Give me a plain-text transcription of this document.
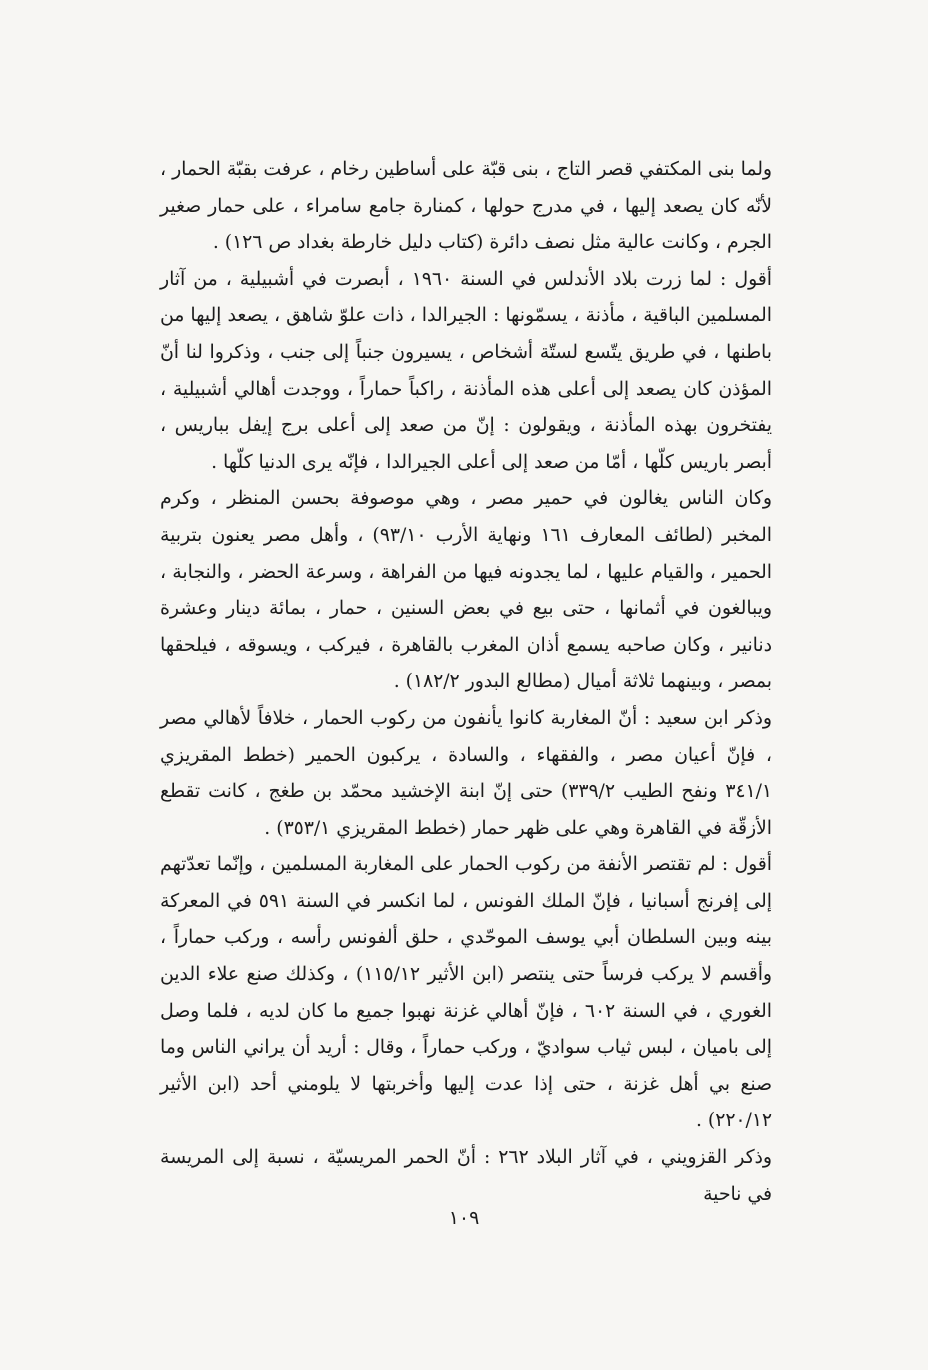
ولما بنى المكتفي قصر التاج ، بنى قبّة على أساطين رخام ، عرفت بقبّة الحمار ، لأنّه كان يصعد إليها ، في مدرج حولها ، كمنارة جامع سامراء ، على حمار صغير الجرم ، وكانت عالية مثل نصف دائرة (كتاب دليل خارطة بغداد ص ١٢٦) .

أقول : لما زرت بلاد الأندلس في السنة ١٩٦٠ ، أبصرت في أشبيلية ، من آثار المسلمين الباقية ، مأذنة ، يسمّونها : الجيرالدا ، ذات علوّ شاهق ، يصعد إليها من باطنها ، في طريق يتّسع لستّة أشخاص ، يسيرون جنباً إلى جنب ، وذكروا لنا أنّ المؤذن كان يصعد إلى أعلى هذه المأذنة ، راكباً حماراً ، ووجدت أهالي أشبيلية ، يفتخرون بهذه المأذنة ، ويقولون : إنّ من صعد إلى أعلى برج إيفل بباريس ، أبصر باريس كلّها ، أمّا من صعد إلى أعلى الجيرالدا ، فإنّه يرى الدنيا كلّها .

وكان الناس يغالون في حمير مصر ، وهي موصوفة بحسن المنظر ، وكرم المخبر (لطائف المعارف ١٦١ ونهاية الأرب ٩٣/١٠) ، وأهل مصر يعنون بتربية الحمير ، والقيام عليها ، لما يجدونه فيها من الفراهة ، وسرعة الحضر ، والنجابة ، ويبالغون في أثمانها ، حتى بيع في بعض السنين ، حمار ، بمائة دينار وعشرة دنانير ، وكان صاحبه يسمع أذان المغرب بالقاهرة ، فيركب ، ويسوقه ، فيلحقها بمصر ، وبينهما ثلاثة أميال (مطالع البدور ١٨٢/٢) .

وذكر ابن سعيد : أنّ المغاربة كانوا يأنفون من ركوب الحمار ، خلافاً لأهالي مصر ، فإنّ أعيان مصر ، والفقهاء ، والسادة ، يركبون الحمير (خطط المقريزي ٣٤١/١ ونفح الطيب ٣٣٩/٢) حتى إنّ ابنة الإخشيد محمّد بن طغج ، كانت تقطع الأزقّة في القاهرة وهي على ظهر حمار (خطط المقريزي ٣٥٣/١) .

أقول : لم تقتصر الأنفة من ركوب الحمار على المغاربة المسلمين ، وإنّما تعدّتهم إلى إفرنج أسبانيا ، فإنّ الملك الفونس ، لما انكسر في السنة ٥٩١ في المعركة بينه وبين السلطان أبي يوسف الموحّدي ، حلق ألفونس رأسه ، وركب حماراً ، وأقسم لا يركب فرساً حتى ينتصر (ابن الأثير ١١٥/١٢) ، وكذلك صنع علاء الدين الغوري ، في السنة ٦٠٢ ، فإنّ أهالي غزنة نهبوا جميع ما كان لديه ، فلما وصل إلى باميان ، لبس ثياب سواديّ ، وركب حماراً ، وقال : أريد أن يراني الناس وما صنع بي أهل غزنة ، حتى إذا عدت إليها وأخربتها لا يلومني أحد (ابن الأثير ٢٢٠/١٢) .

وذكر القزويني ، في آثار البلاد ٢٦٢ : أنّ الحمر المريسيّة ، نسبة إلى المريسة في ناحية

١٠٩
